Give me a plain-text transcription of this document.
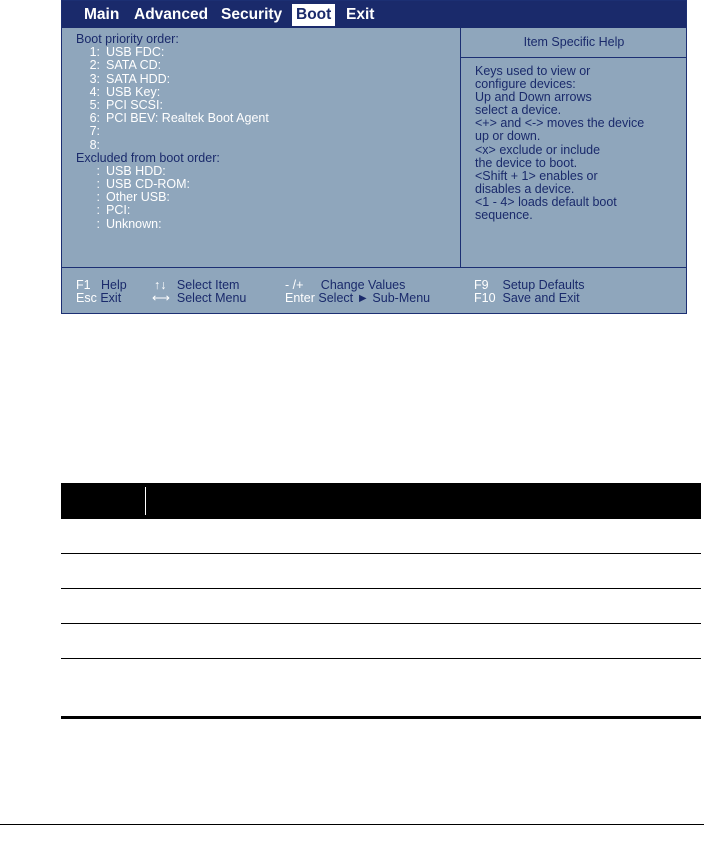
Main Advanced Security Boot Exit
Boot priority order:
1: USB FDC:
2: SATA CD:
3: SATA HDD:
4: USB Key:
5: PCI SCSI:
6: PCI BEV: Realtek Boot Agent
7:
8:
Excluded from boot order:
: USB HDD:
: USB CD-ROM:
: Other USB:
: PCI:
: Unknown:
Item Specific Help
Keys used to view or
configure devices:
Up and Down arrows
select a device.
<+> and <-> moves the device
up or down.
<x> exclude or include
the device to boot.
<Shift + 1> enables or
disables a device.
<1 - 4> loads default boot
sequence.
F1 Help
Esc Exit
↑↓ Select Item
⟷ Select Menu
- /+ Change Values
Enter Select ► Sub-Menu
F9 Setup Defaults
F10 Save and Exit
